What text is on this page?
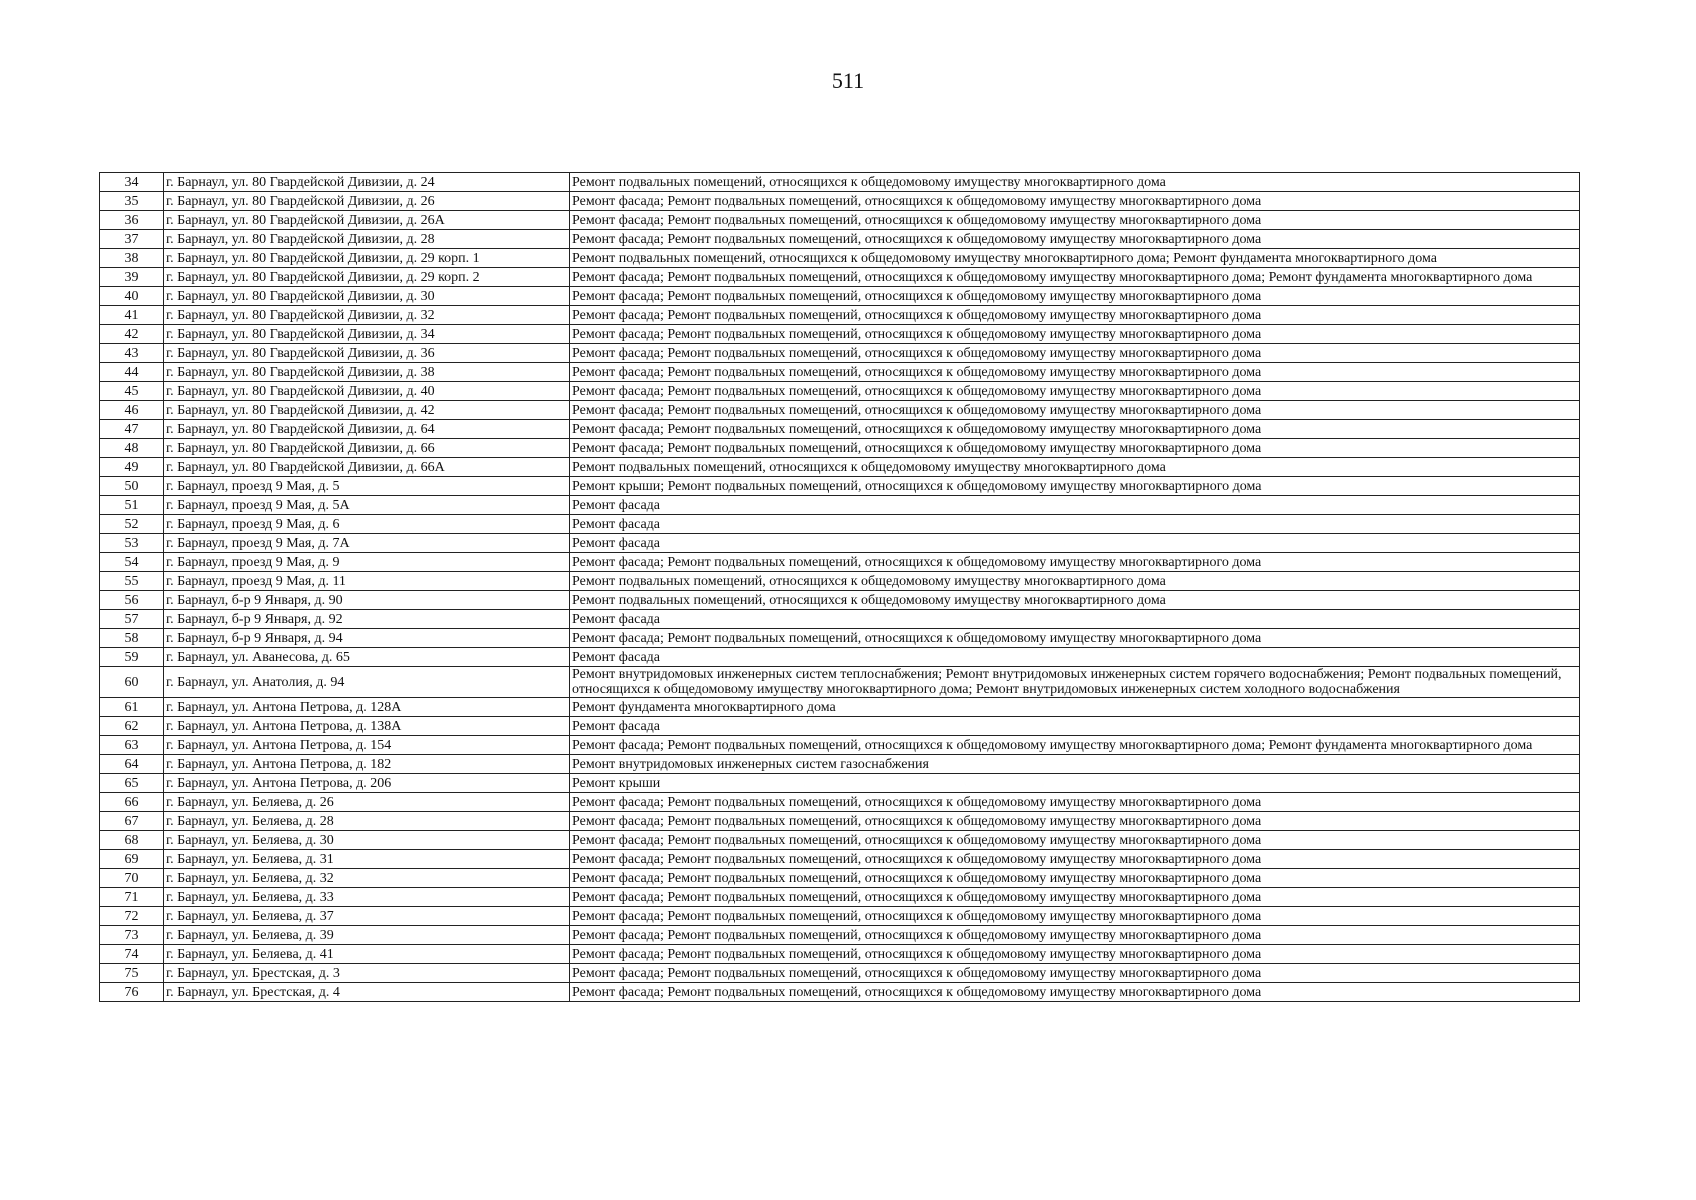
511
34	г. Барнаул, ул. 80 Гвардейской Дивизии, д. 24	Ремонт подвальных помещений, относящихся к общедомовому имуществу многоквартирного дома
35	г. Барнаул, ул. 80 Гвардейской Дивизии, д. 26	Ремонт фасада; Ремонт подвальных помещений, относящихся к общедомовому имуществу многоквартирного дома
36	г. Барнаул, ул. 80 Гвардейской Дивизии, д. 26А	Ремонт фасада; Ремонт подвальных помещений, относящихся к общедомовому имуществу многоквартирного дома
37	г. Барнаул, ул. 80 Гвардейской Дивизии, д. 28	Ремонт фасада; Ремонт подвальных помещений, относящихся к общедомовому имуществу многоквартирного дома
38	г. Барнаул, ул. 80 Гвардейской Дивизии, д. 29 корп. 1	Ремонт подвальных помещений, относящихся к общедомовому имуществу многоквартирного дома; Ремонт фундамента многоквартирного дома
39	г. Барнаул, ул. 80 Гвардейской Дивизии, д. 29 корп. 2	Ремонт фасада; Ремонт подвальных помещений, относящихся к общедомовому имуществу многоквартирного дома; Ремонт фундамента многоквартирного дома
40	г. Барнаул, ул. 80 Гвардейской Дивизии, д. 30	Ремонт фасада; Ремонт подвальных помещений, относящихся к общедомовому имуществу многоквартирного дома
41	г. Барнаул, ул. 80 Гвардейской Дивизии, д. 32	Ремонт фасада; Ремонт подвальных помещений, относящихся к общедомовому имуществу многоквартирного дома
42	г. Барнаул, ул. 80 Гвардейской Дивизии, д. 34	Ремонт фасада; Ремонт подвальных помещений, относящихся к общедомовому имуществу многоквартирного дома
43	г. Барнаул, ул. 80 Гвардейской Дивизии, д. 36	Ремонт фасада; Ремонт подвальных помещений, относящихся к общедомовому имуществу многоквартирного дома
44	г. Барнаул, ул. 80 Гвардейской Дивизии, д. 38	Ремонт фасада; Ремонт подвальных помещений, относящихся к общедомовому имуществу многоквартирного дома
45	г. Барнаул, ул. 80 Гвардейской Дивизии, д. 40	Ремонт фасада; Ремонт подвальных помещений, относящихся к общедомовому имуществу многоквартирного дома
46	г. Барнаул, ул. 80 Гвардейской Дивизии, д. 42	Ремонт фасада; Ремонт подвальных помещений, относящихся к общедомовому имуществу многоквартирного дома
47	г. Барнаул, ул. 80 Гвардейской Дивизии, д. 64	Ремонт фасада; Ремонт подвальных помещений, относящихся к общедомовому имуществу многоквартирного дома
48	г. Барнаул, ул. 80 Гвардейской Дивизии, д. 66	Ремонт фасада; Ремонт подвальных помещений, относящихся к общедомовому имуществу многоквартирного дома
49	г. Барнаул, ул. 80 Гвардейской Дивизии, д. 66А	Ремонт подвальных помещений, относящихся к общедомовому имуществу многоквартирного дома
50	г. Барнаул, проезд 9 Мая, д. 5	Ремонт крыши; Ремонт подвальных помещений, относящихся к общедомовому имуществу многоквартирного дома
51	г. Барнаул, проезд 9 Мая, д. 5А	Ремонт фасада
52	г. Барнаул, проезд 9 Мая, д. 6	Ремонт фасада
53	г. Барнаул, проезд 9 Мая, д. 7А	Ремонт фасада
54	г. Барнаул, проезд 9 Мая, д. 9	Ремонт фасада; Ремонт подвальных помещений, относящихся к общедомовому имуществу многоквартирного дома
55	г. Барнаул, проезд 9 Мая, д. 11	Ремонт подвальных помещений, относящихся к общедомовому имуществу многоквартирного дома
56	г. Барнаул, б-р 9 Января, д. 90	Ремонт подвальных помещений, относящихся к общедомовому имуществу многоквартирного дома
57	г. Барнаул, б-р 9 Января, д. 92	Ремонт фасада
58	г. Барнаул, б-р 9 Января, д. 94	Ремонт фасада; Ремонт подвальных помещений, относящихся к общедомовому имуществу многоквартирного дома
59	г. Барнаул, ул. Аванесова, д. 65	Ремонт фасада
60	г. Барнаул, ул. Анатолия, д. 94	Ремонт внутридомовых инженерных систем теплоснабжения; Ремонт внутридомовых инженерных систем горячего водоснабжения; Ремонт подвальных помещений, относящихся к общедомовому имуществу многоквартирного дома; Ремонт внутридомовых инженерных систем холодного водоснабжения
61	г. Барнаул, ул. Антона Петрова, д. 128А	Ремонт фундамента многоквартирного дома
62	г. Барнаул, ул. Антона Петрова, д. 138А	Ремонт фасада
63	г. Барнаул, ул. Антона Петрова, д. 154	Ремонт фасада; Ремонт подвальных помещений, относящихся к общедомовому имуществу многоквартирного дома; Ремонт фундамента многоквартирного дома
64	г. Барнаул, ул. Антона Петрова, д. 182	Ремонт внутридомовых инженерных систем газоснабжения
65	г. Барнаул, ул. Антона Петрова, д. 206	Ремонт крыши
66	г. Барнаул, ул. Беляева, д. 26	Ремонт фасада; Ремонт подвальных помещений, относящихся к общедомовому имуществу многоквартирного дома
67	г. Барнаул, ул. Беляева, д. 28	Ремонт фасада; Ремонт подвальных помещений, относящихся к общедомовому имуществу многоквартирного дома
68	г. Барнаул, ул. Беляева, д. 30	Ремонт фасада; Ремонт подвальных помещений, относящихся к общедомовому имуществу многоквартирного дома
69	г. Барнаул, ул. Беляева, д. 31	Ремонт фасада; Ремонт подвальных помещений, относящихся к общедомовому имуществу многоквартирного дома
70	г. Барнаул, ул. Беляева, д. 32	Ремонт фасада; Ремонт подвальных помещений, относящихся к общедомовому имуществу многоквартирного дома
71	г. Барнаул, ул. Беляева, д. 33	Ремонт фасада; Ремонт подвальных помещений, относящихся к общедомовому имуществу многоквартирного дома
72	г. Барнаул, ул. Беляева, д. 37	Ремонт фасада; Ремонт подвальных помещений, относящихся к общедомовому имуществу многоквартирного дома
73	г. Барнаул, ул. Беляева, д. 39	Ремонт фасада; Ремонт подвальных помещений, относящихся к общедомовому имуществу многоквартирного дома
74	г. Барнаул, ул. Беляева, д. 41	Ремонт фасада; Ремонт подвальных помещений, относящихся к общедомовому имуществу многоквартирного дома
75	г. Барнаул, ул. Брестская, д. 3	Ремонт фасада; Ремонт подвальных помещений, относящихся к общедомовому имуществу многоквартирного дома
76	г. Барнаул, ул. Брестская, д. 4	Ремонт фасада; Ремонт подвальных помещений, относящихся к общедомовому имуществу многоквартирного дома
